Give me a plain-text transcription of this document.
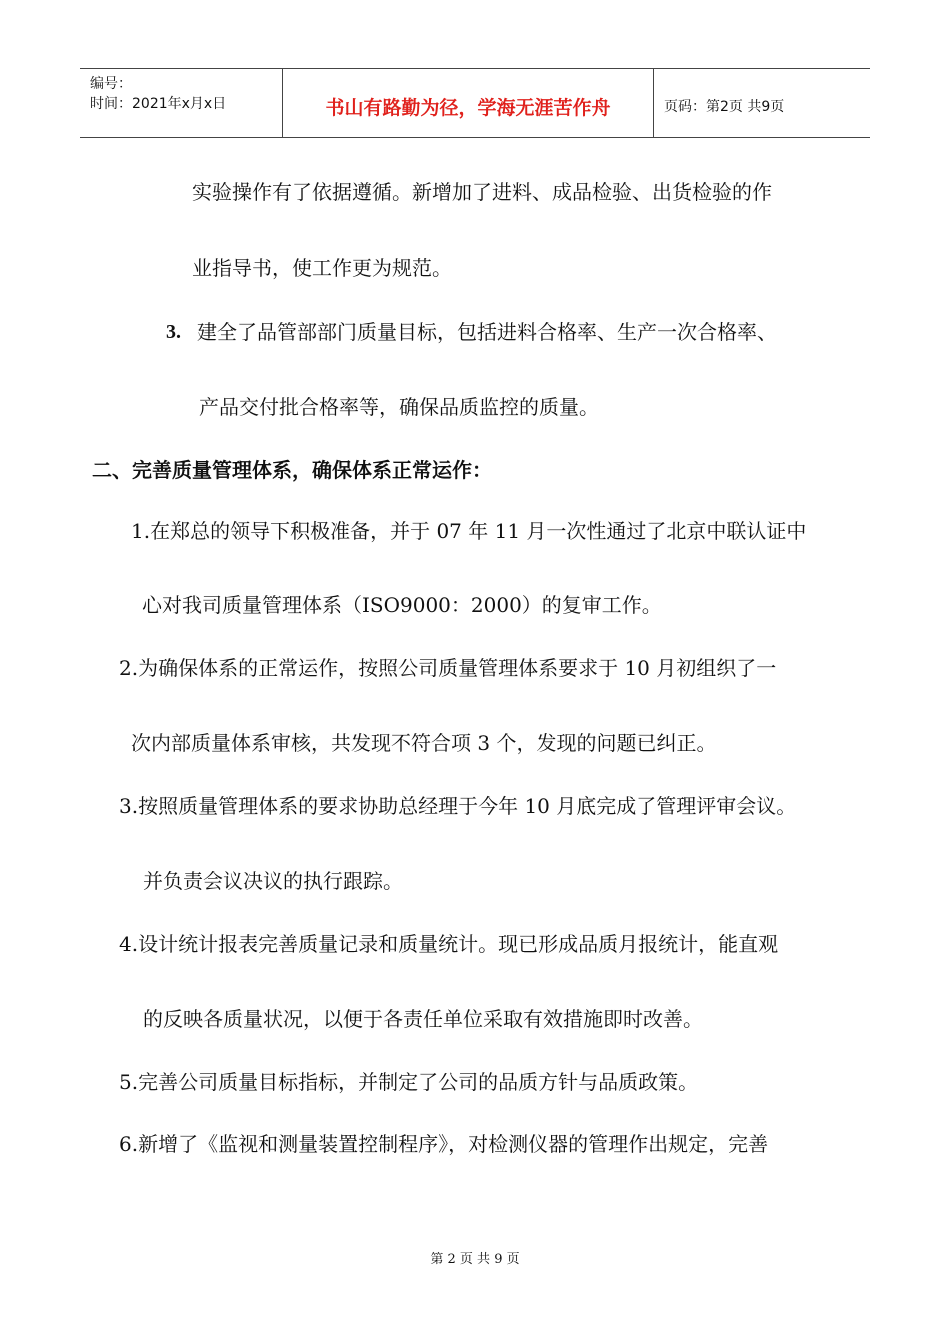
编号：
时间：2021年x月x日	书山有路勤为径，学海无涯苦作舟	页码：第2页 共9页
实验操作有了依据遵循。新增加了进料、成品检验、出货检验的作
业指导书，使工作更为规范。
3. 建全了品管部部门质量目标，包括进料合格率、生产一次合格率、
产品交付批合格率等，确保品质监控的质量。
二、完善质量管理体系，确保体系正常运作：
1.在郑总的领导下积极准备，并于 07 年 11 月一次性通过了北京中联认证中
心对我司质量管理体系（ISO9000：2000）的复审工作。
2.为确保体系的正常运作，按照公司质量管理体系要求于 10 月初组织了一
次内部质量体系审核，共发现不符合项 3 个，发现的问题已纠正。
3.按照质量管理体系的要求协助总经理于今年 10 月底完成了管理评审会议。
并负责会议决议的执行跟踪。
4.设计统计报表完善质量记录和质量统计。现已形成品质月报统计，能直观
的反映各质量状况，以便于各责任单位采取有效措施即时改善。
5.完善公司质量目标指标，并制定了公司的品质方针与品质政策。
6.新增了《监视和测量装置控制程序》，对检测仪器的管理作出规定，完善
第 2 页 共 9 页
